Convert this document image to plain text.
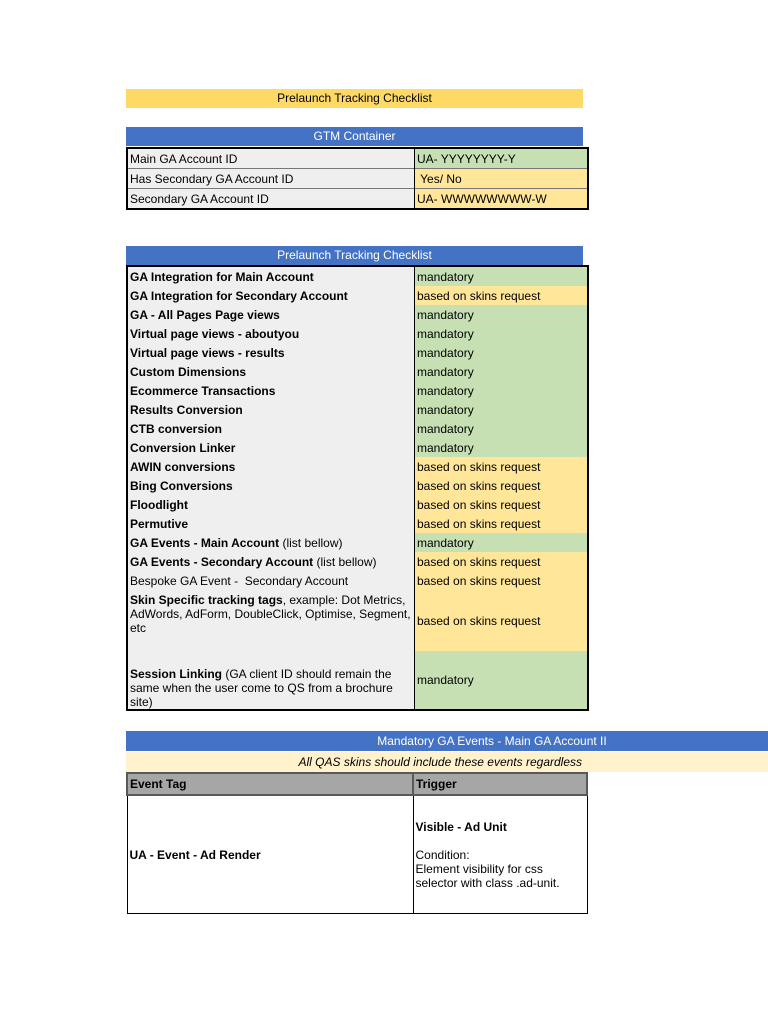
Prelaunch Tracking Checklist
GTM Container
Main GA Account ID	UA- YYYYYYYY-Y
Has Secondary GA Account ID	Yes/ No
Secondary GA Account ID	UA- WWWWWWWW-W
Prelaunch Tracking Checklist
GA Integration for Main Account	mandatory
GA Integration for Secondary Account	based on skins request
GA - All Pages Page views	mandatory
Virtual page views - aboutyou	mandatory
Virtual page views - results	mandatory
Custom Dimensions	mandatory
Ecommerce Transactions	mandatory
Results Conversion	mandatory
CTB conversion	mandatory
Conversion Linker	mandatory
AWIN conversions	based on skins request
Bing Conversions	based on skins request
Floodlight	based on skins request
Permutive	based on skins request
GA Events - Main Account (list bellow)	mandatory
GA Events - Secondary Account (list bellow)	based on skins request
Bespoke GA Event -  Secondary Account	based on skins request
Skin Specific tracking tags, example: Dot Metrics, AdWords, AdForm, DoubleClick, Optimise, Segment, etc	based on skins request
Session Linking (GA client ID should remain the same when the user come to QS from a brochure site)	mandatory
Mandatory GA Events - Main GA Account II
All QAS skins should include these events regardless
Event Tag	Trigger
UA - Event - Ad Render	Visible - Ad Unit
Condition:
Element visibility for css selector with class .ad-unit.
